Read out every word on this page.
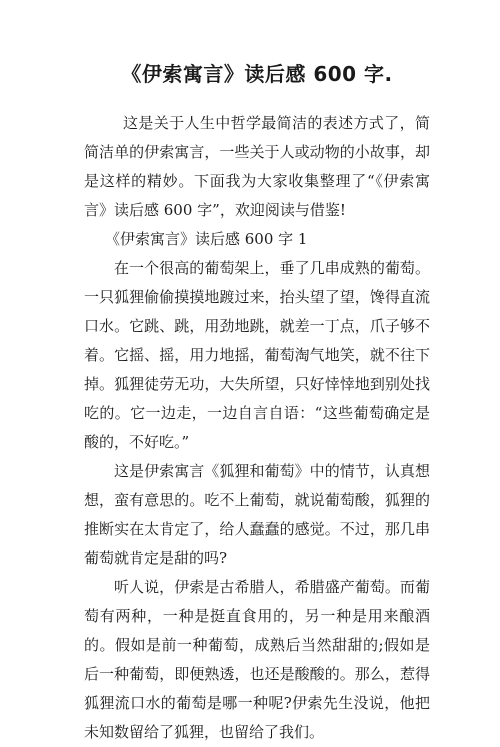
《伊索寓言》读后感 600 字.

这是关于人生中哲学最简洁的表述方式了，简简洁单的伊索寓言，一些关于人或动物的小故事，却是这样的精妙。下面我为大家收集整理了“《伊索寓言》读后感 600 字”，欢迎阅读与借鉴!

《伊索寓言》读后感 600 字 1

在一个很高的葡萄架上，垂了几串成熟的葡萄。一只狐狸偷偷摸摸地踱过来，抬头望了望，馋得直流口水。它跳、跳，用劲地跳，就差一丁点，爪子够不着。它摇、摇，用力地摇，葡萄淘气地笑，就不往下掉。狐狸徒劳无功，大失所望，只好悻悻地到别处找吃的。它一边走，一边自言自语：“这些葡萄确定是酸的，不好吃。”

这是伊索寓言《狐狸和葡萄》中的情节，认真想想，蛮有意思的。吃不上葡萄，就说葡萄酸，狐狸的推断实在太肯定了，给人蠢蠢的感觉。不过，那几串葡萄就肯定是甜的吗?

听人说，伊索是古希腊人，希腊盛产葡萄。而葡萄有两种，一种是挺直食用的，另一种是用来酿酒的。假如是前一种葡萄，成熟后当然甜甜的;假如是后一种葡萄，即便熟透，也还是酸酸的。那么，惹得狐狸流口水的葡萄是哪一种呢?伊索先生没说，他把未知数留给了狐狸，也留给了我们。
